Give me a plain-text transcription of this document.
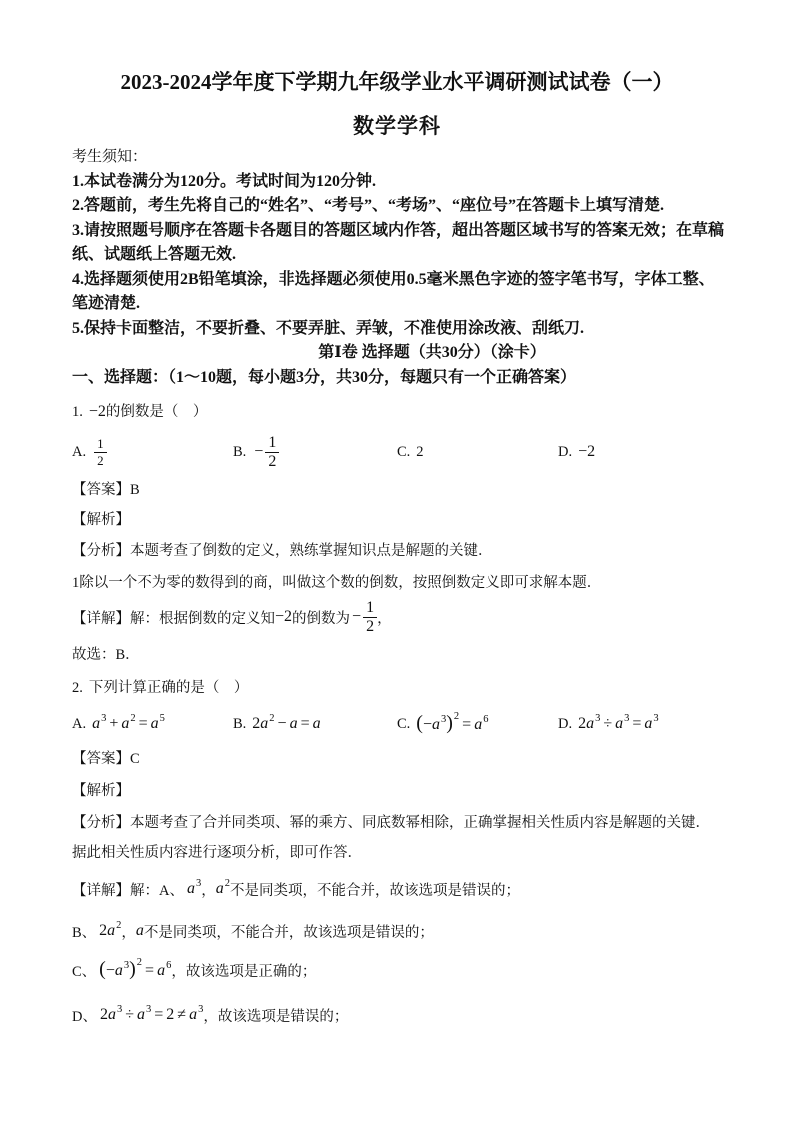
2023-2024学年度下学期九年级学业水平调研测试试卷（一）
数学学科
考生须知：
1.本试卷满分为120分。考试时间为120分钟.
2.答题前，考生先将自己的“姓名”、“考号”、“考场”、“座位号”在答题卡上填写清楚.
3.请按照题号顺序在答题卡各题目的答题区域内作答，超出答题区域书写的答案无效；在草稿纸、试题纸上答题无效.
4.选择题须使用2B铅笔填涂，非选择题必须使用0.5毫米黑色字迹的签字笔书写，字体工整、笔迹清楚.
5.保持卡面整洁，不要折叠、不要弄脏、弄皱，不准使用涂改液、刮纸刀.
第Ⅰ卷 选择题（共30分）（涂卡）
一、选择题：（1～10题，每小题3分，共30分，每题只有一个正确答案）
1. −2 的倒数是（    ）
A. $\frac{1}{2}$	B. − $\frac{1}{2}$	C. 2	D. −2
【答案】 B
【解析】
【分析】 本题考查了倒数的定义，熟练掌握知识点是解题的关键．
1除以一个不为零的数得到的商，叫做这个数的倒数，按照倒数定义即可求解本题．
【详解】 解：根据倒数的定义知 −2 的倒数为 − $\frac{1}{2}$ ，
故选：B．
2. 下列计算正确的是（    ）
A. $a^3 + a^2 = a^5$	B. $2a^2 - a = a$	C. $(-a^3)^2 = a^6$	D. $2a^3 \div a^3 = a^3$
【答案】 C
【解析】
【分析】本题考查了合并同类项、幂的乘方、同底数幂相除，正确掌握相关性质内容是解题的关键．据此相关性质内容进行逐项分析，即可作答．
【详解】 解：A、 $a^3$ ， $a^2$ 不是同类项，不能合并，故该选项是错误的；
B、 $2a^2$ ， a 不是同类项，不能合并，故该选项是错误的；
C、 $(-a^3)^2 = a^6$ ，故该选项是正确的；
D、 $2a^3 \div a^3 = 2 \ne a^3$ ，故该选项是错误的；
